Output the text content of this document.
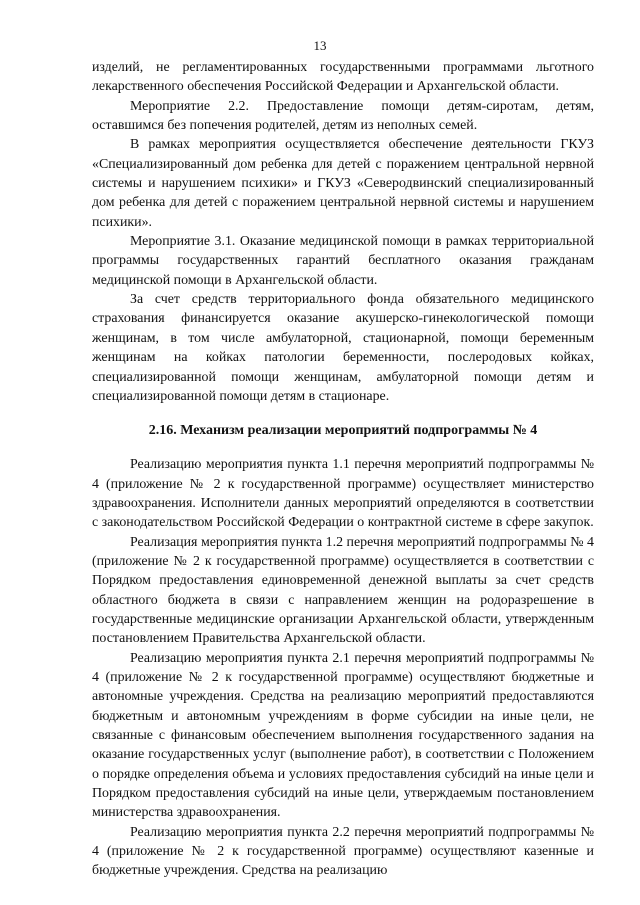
13

изделий, не регламентированных государственными программами льготного лекарственного обеспечения Российской Федерации и Архангельской области.

Мероприятие 2.2. Предоставление помощи детям-сиротам, детям, оставшимся без попечения родителей, детям из неполных семей.

В рамках мероприятия осуществляется обеспечение деятельности ГКУЗ «Специализированный дом ребенка для детей с поражением центральной нервной системы и нарушением психики» и ГКУЗ «Северодвинский специализированный дом ребенка для детей с поражением центральной нервной системы и нарушением психики».

Мероприятие 3.1. Оказание медицинской помощи в рамках территориальной программы государственных гарантий бесплатного оказания гражданам медицинской помощи в Архангельской области.

За счет средств территориального фонда обязательного медицинского страхования финансируется оказание акушерско-гинекологической помощи женщинам, в том числе амбулаторной, стационарной, помощи беременным женщинам на койках патологии беременности, послеродовых койках, специализированной помощи женщинам, амбулаторной помощи детям и специализированной помощи детям в стационаре.

2.16. Механизм реализации мероприятий подпрограммы № 4

Реализацию мероприятия пункта 1.1 перечня мероприятий подпрограммы № 4 (приложение № 2 к государственной программе) осуществляет министерство здравоохранения. Исполнители данных мероприятий определяются в соответствии с законодательством Российской Федерации о контрактной системе в сфере закупок.

Реализация мероприятия пункта 1.2 перечня мероприятий подпрограммы № 4 (приложение № 2 к государственной программе) осуществляется в соответствии с Порядком предоставления единовременной денежной выплаты за счет средств областного бюджета в связи с направлением женщин на родоразрешение в государственные медицинские организации Архангельской области, утвержденным постановлением Правительства Архангельской области.

Реализацию мероприятия пункта 2.1 перечня мероприятий подпрограммы № 4 (приложение № 2 к государственной программе) осуществляют бюджетные и автономные учреждения. Средства на реализацию мероприятий предоставляются бюджетным и автономным учреждениям в форме субсидии на иные цели, не связанные с финансовым обеспечением выполнения государственного задания на оказание государственных услуг (выполнение работ), в соответствии с Положением о порядке определения объема и условиях предоставления субсидий на иные цели и Порядком предоставления субсидий на иные цели, утверждаемым постановлением министерства здравоохранения.

Реализацию мероприятия пункта 2.2 перечня мероприятий подпрограммы № 4 (приложение № 2 к государственной программе) осуществляют казенные и бюджетные учреждения. Средства на реализацию
